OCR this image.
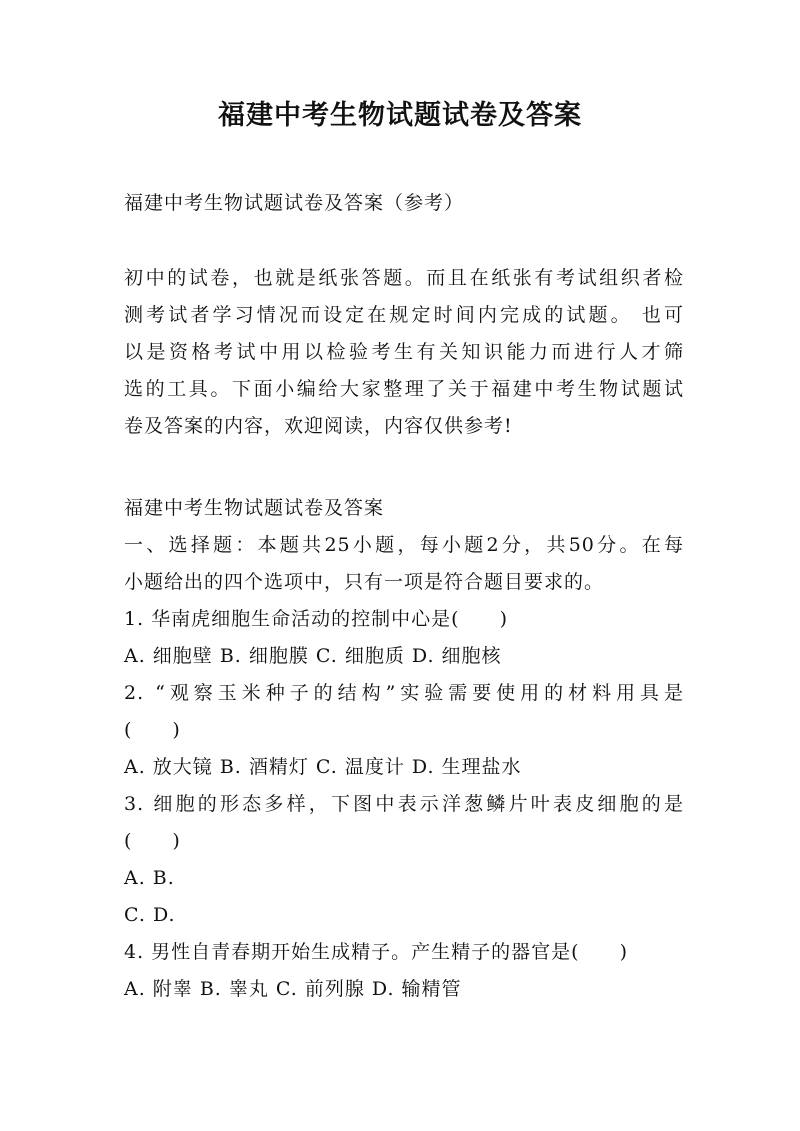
福建中考生物试题试卷及答案
福建中考生物试题试卷及答案（参考）
初中的试卷，也就是纸张答题。而且在纸张有考试组织者检
测考试者学习情况而设定在规定时间内完成的试题。 也可
以是资格考试中用以检验考生有关知识能力而进行人才筛
选的工具。下面小编给大家整理了关于福建中考生物试题试
卷及答案的内容，欢迎阅读，内容仅供参考!
福建中考生物试题试卷及答案
一、选择题：本题共25小题，每小题2分，共50分。在每
小题给出的四个选项中，只有一项是符合题目要求的。
1. 华南虎细胞生命活动的控制中心是(　　)
A. 细胞壁 B. 细胞膜 C. 细胞质 D. 细胞核
2. “观察玉米种子的结构”实验需要使用的材料用具是
(　　)
A. 放大镜 B. 酒精灯 C. 温度计 D. 生理盐水
3. 细胞的形态多样，下图中表示洋葱鳞片叶表皮细胞的是
(　　)
A. B.
C. D.
4. 男性自青春期开始生成精子。产生精子的器官是(　　)
A. 附睾 B. 睾丸 C. 前列腺 D. 输精管
